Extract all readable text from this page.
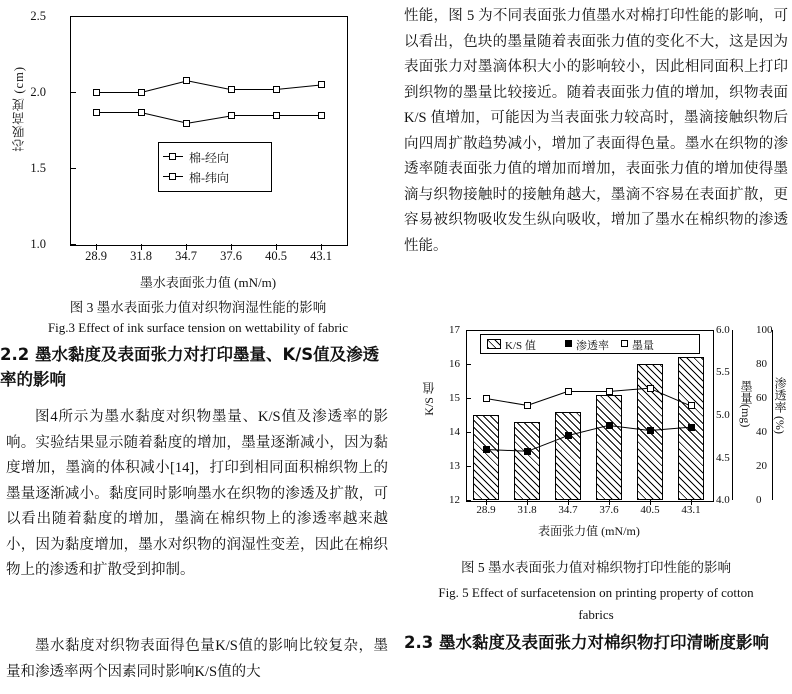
芯吸高度 (cm)
2.5
2.0
1.5
1.0
28.9	31.8	34.7	37.6	40.5	43.1
墨水表面张力值 (mN/m)
棉-经向
棉-纬向
图 3 墨水表面张力值对织物润湿性能的影响
Fig.3 Effect of ink surface tension on wettability of fabric
2.2 墨水黏度及表面张力对打印墨量、K/S值及渗透率的影响
图4所示为墨水黏度对织物墨量、K/S值及渗透率的影响。实验结果显示随着黏度的增加，墨量逐渐减小，因为黏度增加，墨滴的体积减小[14]，打印到相同面积棉织物上的墨量逐渐减小。黏度同时影响墨水在织物的渗透及扩散，可以看出随着黏度的增加，墨滴在棉织物上的渗透率越来越小，因为黏度增加，墨水对织物的润湿性变差，因此在棉织物上的渗透和扩散受到抑制。
墨水黏度对织物表面得色量K/S值的影响比较复杂，墨量和渗透率两个因素同时影响K/S值的大
性能，图 5 为不同表面张力值墨水对棉打印性能的影响，可以看出，色块的墨量随着表面张力值的变化不大，这是因为表面张力对墨滴体积大小的影响较小，因此相同面积上打印到织物的墨量比较接近。随着表面张力值的增加，织物表面 K/S 值增加，可能因为当表面张力较高时，墨滴接触织物后向四周扩散趋势减小，增加了表面得色量。墨水在织物的渗透率随表面张力值的增加而增加，表面张力值的增加使得墨滴与织物接触时的接触角越大，墨滴不容易在表面扩散，更容易被织物吸收发生纵向吸收，增加了墨水在棉织物的渗透性能。
17
16
15
14
13
12
6.0
5.5
5.0
4.5
4.0
100
80
60
40
20
0
K/S 值	墨量(mg) 渗透率 (%)
28.9	31.8	34.7	37.6	40.5	43.1
表面张力值 (mN/m)
K/S 值	渗透率 墨量
图 5 墨水表面张力值对棉织物打印性能的影响
Fig. 5 Effect of surfacetension on printing property of cotton
fabrics
2.3 墨水黏度及表面张力对棉织物打印清晰度影响
